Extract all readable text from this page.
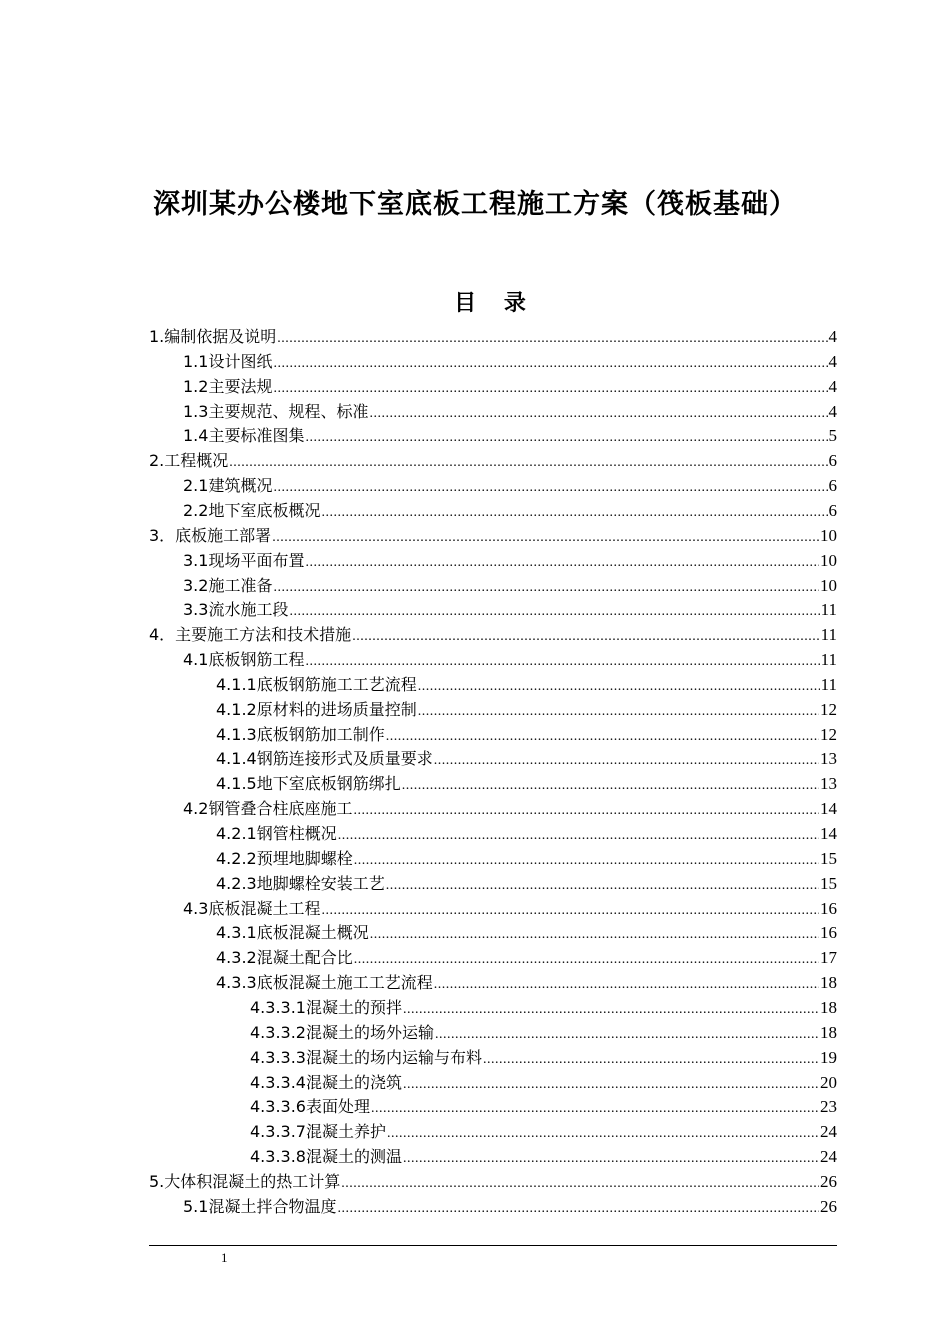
深圳某办公楼地下室底板工程施工方案（筏板基础）
目 录
1.编制依据及说明 .....	4
1.1设计图纸 .....	4
1.2主要法规 .....	4
1.3主要规范、规程、标准 .....	4
1.4主要标准图集 .....	5
2.工程概况 .....	6
2.1建筑概况 .....	6
2.2地下室底板概况 .....	6
3．底板施工部署 .....	10
3.1现场平面布置 .....	10
3.2施工准备 .....	10
3.3流水施工段 .....	11
4．主要施工方法和技术措施 .....	11
4.1底板钢筋工程 .....	11
4.1.1底板钢筋施工工艺流程 .....	11
4.1.2原材料的进场质量控制 .....	12
4.1.3底板钢筋加工制作 .....	12
4.1.4钢筋连接形式及质量要求 .....	13
4.1.5地下室底板钢筋绑扎 .....	13
4.2钢管叠合柱底座施工 .....	14
4.2.1钢管柱概况 .....	14
4.2.2预埋地脚螺栓 .....	15
4.2.3地脚螺栓安装工艺 .....	15
4.3底板混凝土工程 .....	16
4.3.1底板混凝土概况 .....	16
4.3.2混凝土配合比 .....	17
4.3.3底板混凝土施工工艺流程 .....	18
4.3.3.1混凝土的预拌 .....	18
4.3.3.2混凝土的场外运输 .....	18
4.3.3.3混凝土的场内运输与布料 .....	19
4.3.3.4混凝土的浇筑 .....	20
4.3.3.6表面处理 .....	23
4.3.3.7混凝土养护 .....	24
4.3.3.8混凝土的测温 .....	24
5.大体积混凝土的热工计算 .....	26
5.1混凝土拌合物温度 .....	26
1
